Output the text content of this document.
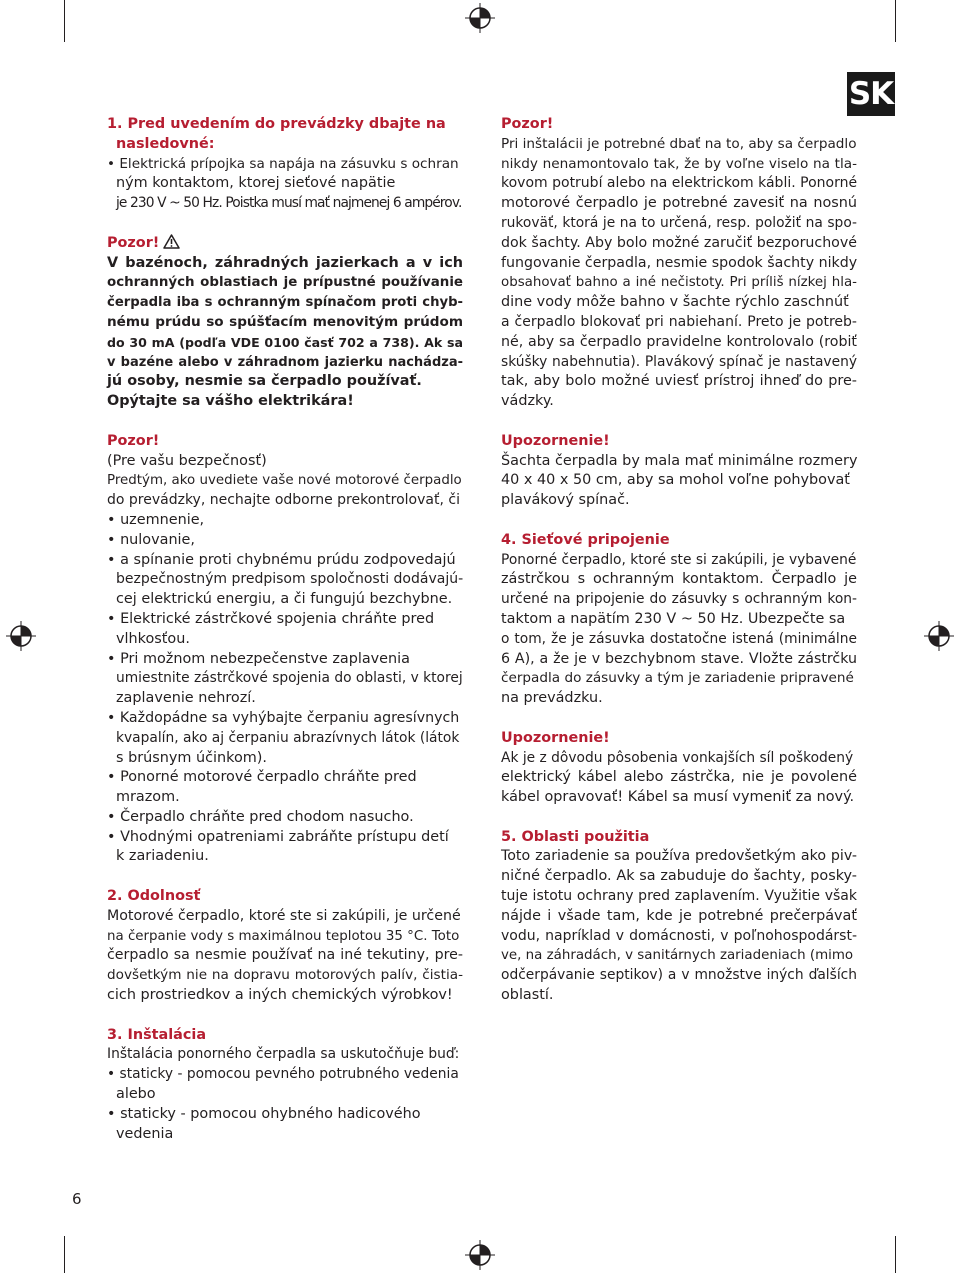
SK
1. Pred uvedením do prevádzky dbajte na
nasledovné:
• Elektrická prípojka sa napája na zásuvku s ochran
ným kontaktom, ktorej sieťové napätie
je 230 V ~ 50 Hz. Poistka musí mať najmenej 6 ampérov.
Pozor!
V bazénoch, záhradných jazierkach a v ich
ochranných oblastiach je prípustné používanie
čerpadla iba s ochranným spínačom proti chyb-
nému prúdu so spúšťacím menovitým prúdom
do 30 mA (podľa VDE 0100 časť 702 a 738). Ak sa
v bazéne alebo v záhradnom jazierku nachádza-
jú osoby, nesmie sa čerpadlo používať.
Opýtajte sa vášho elektrikára!
Pozor!
(Pre vašu bezpečnosť)
Predtým, ako uvediete vaše nové motorové čerpadlo
do prevádzky, nechajte odborne prekontrolovať, či
• uzemnenie,
• nulovanie,
• a spínanie proti chybnému prúdu zodpovedajú
bezpečnostným predpisom spoločnosti dodávajú-
cej elektrickú energiu, a či fungujú bezchybne.
• Elektrické zástrčkové spojenia chráňte pred
vlhkosťou.
• Pri možnom nebezpečenstve zaplavenia
umiestnite zástrčkové spojenia do oblasti, v ktorej
zaplavenie nehrozí.
• Každopádne sa vyhýbajte čerpaniu agresívnych
kvapalín, ako aj čerpaniu abrazívnych látok (látok
s brúsnym účinkom).
• Ponorné motorové čerpadlo chráňte pred
mrazom.
• Čerpadlo chráňte pred chodom nasucho.
• Vhodnými opatreniami zabráňte prístupu detí
k zariadeniu.
2. Odolnosť
Motorové čerpadlo, ktoré ste si zakúpili, je určené
na čerpanie vody s maximálnou teplotou 35 °C. Toto
čerpadlo sa nesmie používať na iné tekutiny, pre-
dovšetkým nie na dopravu motorových palív, čistia-
cich prostriedkov a iných chemických výrobkov!
3. Inštalácia
Inštalácia ponorného čerpadla sa uskutočňuje buď:
• staticky - pomocou pevného potrubného vedenia
alebo
• staticky - pomocou ohybného hadicového
vedenia
Pozor!
Pri inštalácii je potrebné dbať na to, aby sa čerpadlo
nikdy nenamontovalo tak, že by voľne viselo na tla-
kovom potrubí alebo na elektrickom kábli. Ponorné
motorové čerpadlo je potrebné zavesiť na nosnú
rukoväť, ktorá je na to určená, resp. položiť na spo-
dok šachty. Aby bolo možné zaručiť bezporuchové
fungovanie čerpadla, nesmie spodok šachty nikdy
obsahovať bahno a iné nečistoty. Pri príliš nízkej hla-
dine vody môže bahno v šachte rýchlo zaschnúť
a čerpadlo blokovať pri nabiehaní. Preto je potreb-
né, aby sa čerpadlo pravidelne kontrolovalo (robiť
skúšky nabehnutia). Plavákový spínač je nastavený
tak, aby bolo možné uviesť prístroj ihneď do pre-
vádzky.
Upozornenie!
Šachta čerpadla by mala mať minimálne rozmery
40 x 40 x 50 cm, aby sa mohol voľne pohybovať
plavákový spínač.
4. Sieťové pripojenie
Ponorné čerpadlo, ktoré ste si zakúpili, je vybavené
zástrčkou s ochranným kontaktom. Čerpadlo je
určené na pripojenie do zásuvky s ochranným kon-
taktom a napätím 230 V ~ 50 Hz. Ubezpečte sa
o tom, že je zásuvka dostatočne istená (minimálne
6 A), a že je v bezchybnom stave. Vložte zástrčku
čerpadla do zásuvky a tým je zariadenie pripravené
na prevádzku.
Upozornenie!
Ak je z dôvodu pôsobenia vonkajších síl poškodený
elektrický kábel alebo zástrčka, nie je povolené
kábel opravovať! Kábel sa musí vymeniť za nový.
5. Oblasti použitia
Toto zariadenie sa používa predovšetkým ako piv-
ničné čerpadlo. Ak sa zabuduje do šachty, posky-
tuje istotu ochrany pred zaplavením. Využitie však
nájde i všade tam, kde je potrebné prečerpávať
vodu, napríklad v domácnosti, v poľnohospodárst-
ve, na záhradách, v sanitárnych zariadeniach (mimo
odčerpávanie septikov) a v množstve iných ďalších
oblastí.
6
